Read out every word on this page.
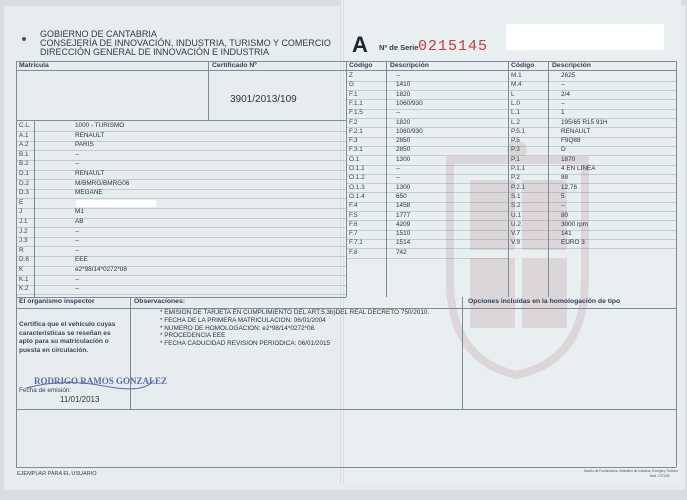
GOBIERNO DE CANTABRIA
CONSEJERÍA DE INNOVACIÓN, INDUSTRIA, TURISMO Y COMERCIO
DIRECCIÓN GENERAL DE INNOVACIÓN E INDUSTRIA	A Nº de Serie 0215145
Matrícula	Certificado Nº
3901/2013/109
C.L.	1000 - TURISMO
A.1	RENAULT
A.2	PARIS
B.1	--
B.2	--
D.1	RENAULT
D.2	M/BMRG/BMRG06
D.3	MEGANE
E
J	M1
J.1	AB
J.2	--
J.3	--
R	--
D.6	EEE
K	e2*98/14*0272*08
K.1	--
K.2	--
Código	Descripción	Código	Descripción
Z	--
G	1410
F.1	1820
F.1.1	1060/930
F.1.5	--
F.2	1820
F.2.1	1060/930
F.3	2850
F.3.1	2850
O.1	1300
O.1.1	--
O.1.2	--
O.1.3	1300
O.1.4	650
F.4	1458
F.5	1777
F.6	4209
F.7	1510
F.7.1	1514
F.8	742
M.1	2625
M.4	--
L	2/4
L.0	--
L.1	1
L.2	195/65 R15 91H
P.5.1	RENAULT
P.5	F9Q88
P.3	D
P.1	1870
P.1.1	4 EN LINEA
P.2	88
P.2.1	12,76
S.1	5
S.2	--
U.1	80
U.2	3000 rpm
V.7	141
V.9	EURO 3
El organismo inspector	Observaciones:	Opciones incluídas en la homologación de tipo
Certifica que el vehículo cuyas
características se reseñan es
apto para su matriculación o
puesta en circulación.
RODRIGO RAMOS GONZALEZ
Fecha de emisión:
11/01/2013
* EMISION DE TARJETA EN CUMPLIMIENTO DEL ART.5.3b)DEL REAL DECRETO 750/2010.
* FECHA DE LA PRIMERA MATRICULACION: 06/01/2004
* NUMERO DE HOMOLOGACION: e2*98/14*0272*08.
* PROCEDENCIA EEE
* FECHA CADUCIDAD REVISION PERIODICA: 06/01/2015
EJEMPLAR PARA EL USUARIO	Diseño de Fundaciones. Ministerio de Industria, Energía y Turismo
Mod. 1701/06
